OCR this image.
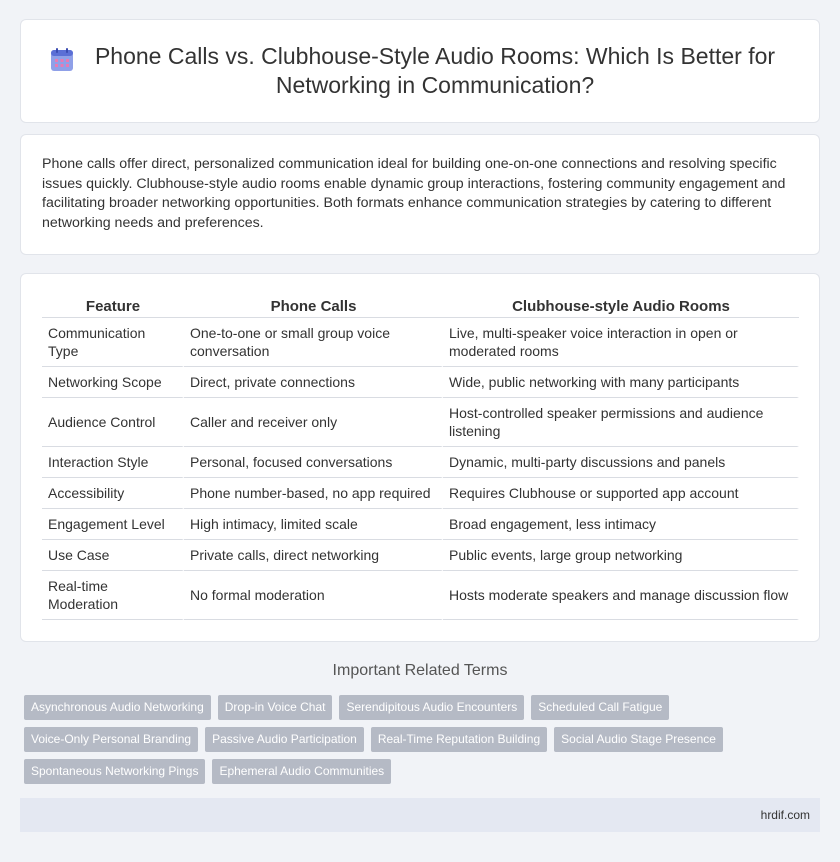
Phone Calls vs. Clubhouse-Style Audio Rooms: Which Is Better for Networking in Communication?

Phone calls offer direct, personalized communication ideal for building one-on-one connections and resolving specific issues quickly. Clubhouse-style audio rooms enable dynamic group interactions, fostering community engagement and facilitating broader networking opportunities. Both formats enhance communication strategies by catering to different networking needs and preferences.

Feature	Phone Calls	Clubhouse-style Audio Rooms
Communication Type	One-to-one or small group voice conversation	Live, multi-speaker voice interaction in open or moderated rooms
Networking Scope	Direct, private connections	Wide, public networking with many participants
Audience Control	Caller and receiver only	Host-controlled speaker permissions and audience listening
Interaction Style	Personal, focused conversations	Dynamic, multi-party discussions and panels
Accessibility	Phone number-based, no app required	Requires Clubhouse or supported app account
Engagement Level	High intimacy, limited scale	Broad engagement, less intimacy
Use Case	Private calls, direct networking	Public events, large group networking
Real-time Moderation	No formal moderation	Hosts moderate speakers and manage discussion flow
Important Related Terms
Asynchronous Audio Networking	Drop-in Voice Chat	Serendipitous Audio Encounters	Scheduled Call Fatigue
Voice-Only Personal Branding	Passive Audio Participation	Real-Time Reputation Building	Social Audio Stage Presence
Spontaneous Networking Pings	Ephemeral Audio Communities
hrdif.com
